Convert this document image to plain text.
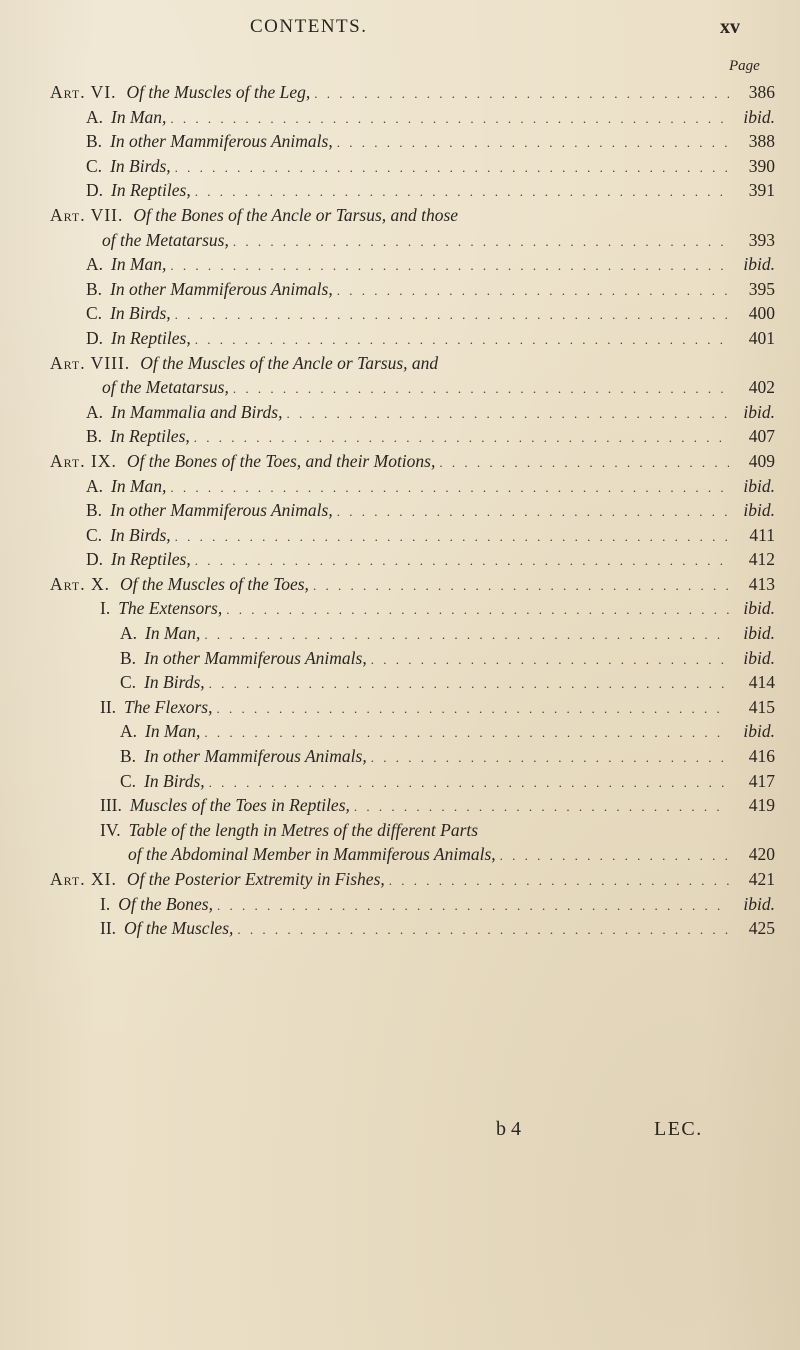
CONTENTS.	xv
Page
Art. VI. Of the Muscles of the Leg, . . .	386
A. In Man, . . .	ibid.
B. In other Mammiferous Animals, . . .	388
C. In Birds, . . .	390
D. In Reptiles, . . .	391
Art. VII. Of the Bones of the Ancle or Tarsus, and those
of the Metatarsus, . . .	393
A. In Man, . . .	ibid.
B. In other Mammiferous Animals, . . .	395
C. In Birds, . . .	400
D. In Reptiles, . . .	401
Art. VIII. Of the Muscles of the Ancle or Tarsus, and
of the Metatarsus, . . .	402
A. In Mammalia and Birds, . . .	ibid.
B. In Reptiles, . . .	407
Art. IX. Of the Bones of the Toes, and their Motions, . . .	409
A. In Man, . . .	ibid.
B. In other Mammiferous Animals, . . .	ibid.
C. In Birds, . . .	411
D. In Reptiles, . . .	412
Art. X. Of the Muscles of the Toes, . . .	413
I. The Extensors, . . .	ibid.
A. In Man, . . .	ibid.
B. In other Mammiferous Animals, . . .	ibid.
C. In Birds, . . .	414
II. The Flexors, . . .	415
A. In Man, . . .	ibid.
B. In other Mammiferous Animals, . . .	416
C. In Birds, . . .	417
III. Muscles of the Toes in Reptiles, . . .	419
IV. Table of the length in Metres of the different Parts
of the Abdominal Member in Mammiferous Animals, . . .	420
Art. XI. Of the Posterior Extremity in Fishes, . . .	421
I. Of the Bones, . . .	ibid.
II. Of the Muscles, . . .	425
b 4	LEC.
